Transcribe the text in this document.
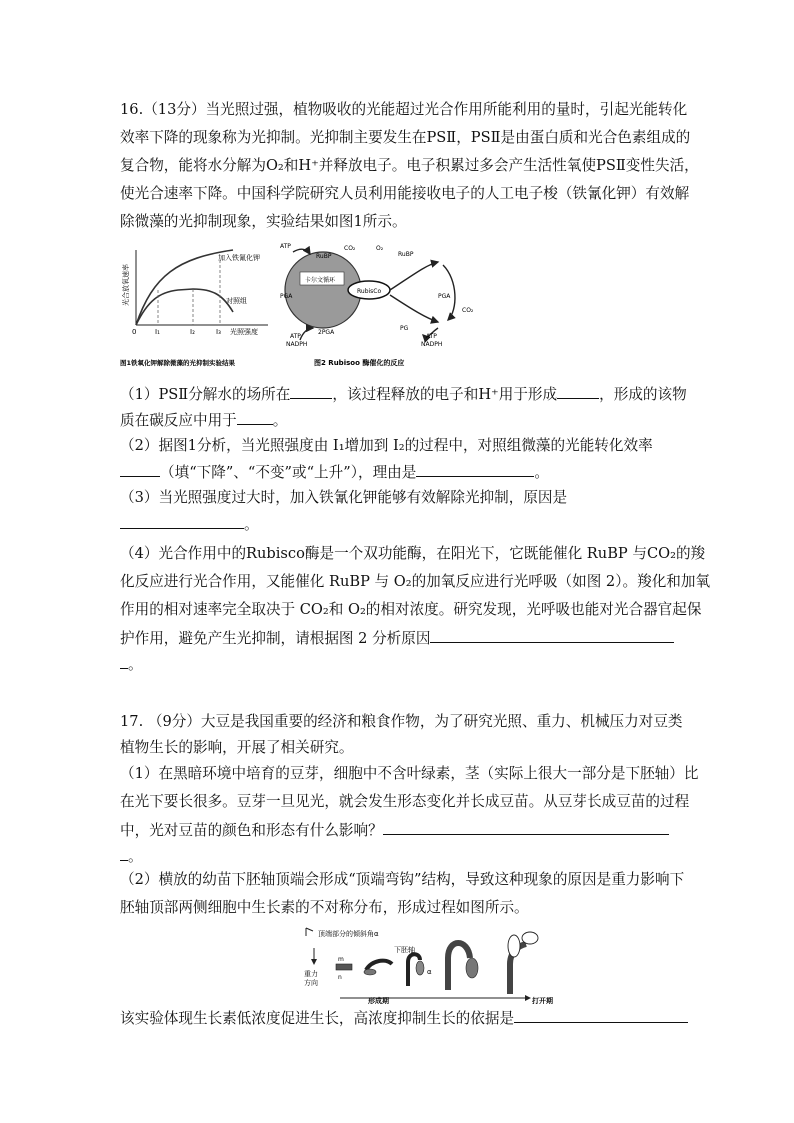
16.（13分）当光照过强，植物吸收的光能超过光合作用所能利用的量时，引起光能转化
效率下降的现象称为光抑制。光抑制主要发生在PSⅡ，PSⅡ是由蛋白质和光合色素组成的
复合物，能将水分解为O₂和H⁺并释放电子。电子积累过多会产生活性氧使PSⅡ变性失活，
使光合速率下降。中国科学院研究人员利用能接收电子的人工电子梭（铁氰化钾）有效解
除微藻的光抑制现象，实验结果如图1所示。
光合放氧速率
加入铁氰化钾
对照组
0	I₁	I₂	I₃ 光照强度
图1铁氧化钾解除微藻的光抑制实验结果
ATP
RuBP
CO₂	O₂
RuBP
卡尔文循环
RubisCo
PGA	PGA
CO₂
ATP
NADPH
2PGA
PG
ATP
NADPH
图2 Rubisoo 酶催化的反应
（1）PSⅡ分解水的场所在	，该过程释放的电子和H⁺用于形成	，形成的该物
质在碳反应中用于 。
（2）据图1分析，当光照强度由 I₁增加到 I₂的过程中，对照组微藻的光能转化效率
（填“下降”、“不变”或“上升”），理由是	。
（3）当光照强度过大时，加入铁氰化钾能够有效解除光抑制，原因是
。
（4）光合作用中的Rubisco酶是一个双功能酶，在阳光下，它既能催化 RuBP 与CO₂的羧
化反应进行光合作用，又能催化 RuBP 与 O₂的加氧反应进行光呼吸（如图 2）。羧化和加氧
作用的相对速率完全取决于 CO₂和 O₂的相对浓度。研究发现，光呼吸也能对光合器官起保
护作用，避免产生光抑制，请根据图 2 分析原因
。
17. （9分）大豆是我国重要的经济和粮食作物，为了研究光照、重力、机械压力对豆类
植物生长的影响，开展了相关研究。
（1）在黑暗环境中培育的豆芽，细胞中不含叶绿素，茎（实际上很大一部分是下胚轴）比
在光下要长很多。豆芽一旦见光，就会发生形态变化并长成豆苗。从豆芽长成豆苗的过程
中，光对豆苗的颜色和形态有什么影响？
。
（2）横放的幼苗下胚轴顶端会形成“顶端弯钩”结构，导致这种现象的原因是重力影响下
胚轴顶部两侧细胞中生长素的不对称分布，形成过程如图所示。
顶端部分的倾斜角α
重力
方向
m
n
下胚轴
α
形成期	打开期
该实验体现生长素低浓度促进生长，高浓度抑制生长的依据是
